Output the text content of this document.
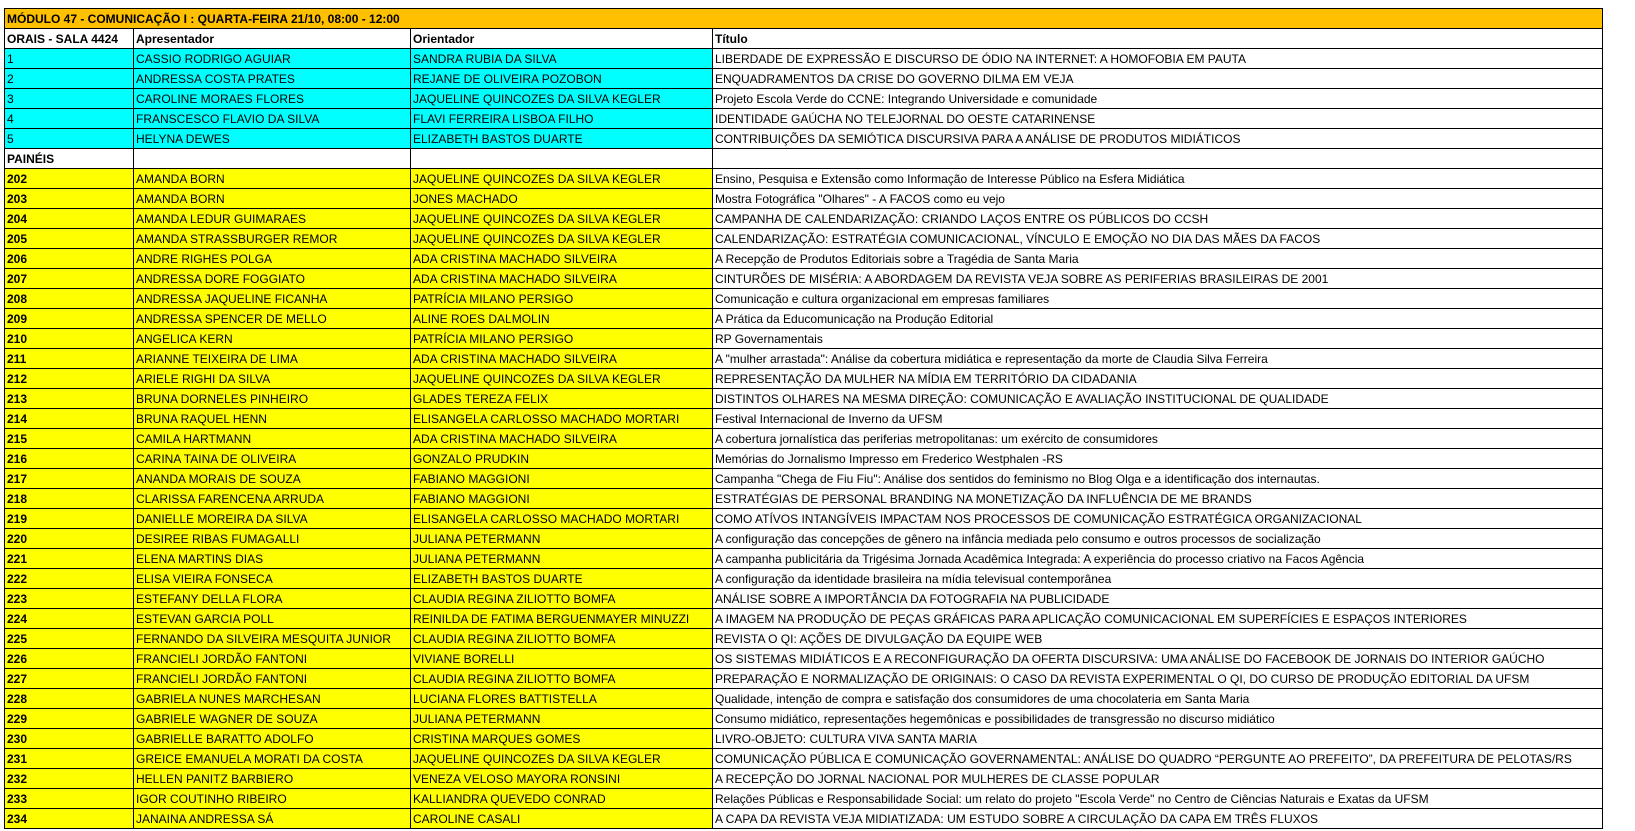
MÓDULO 47 - COMUNICAÇÃO I : QUARTA-FEIRA 21/10, 08:00 - 12:00			
ORAIS - SALA 4424	Apresentador	Orientador	Título
1	CASSIO RODRIGO AGUIAR	SANDRA RUBIA DA SILVA	LIBERDADE DE EXPRESSÃO E DISCURSO DE ÓDIO NA INTERNET: A HOMOFOBIA EM PAUTA
2	ANDRESSA COSTA PRATES	REJANE DE OLIVEIRA POZOBON	ENQUADRAMENTOS DA CRISE DO GOVERNO DILMA EM VEJA
3	CAROLINE MORAES FLORES	JAQUELINE QUINCOZES DA SILVA KEGLER	Projeto Escola Verde do CCNE: Integrando Universidade e comunidade
4	FRANSCESCO FLAVIO DA SILVA	FLAVI FERREIRA LISBOA FILHO	IDENTIDADE GAÚCHA NO TELEJORNAL DO OESTE CATARINENSE
5	HELYNA DEWES	ELIZABETH BASTOS DUARTE	CONTRIBUIÇÕES DA SEMIÓTICA DISCURSIVA PARA A ANÁLISE DE PRODUTOS MIDIÁTICOS
PAINÉIS			
202	AMANDA BORN	JAQUELINE QUINCOZES DA SILVA KEGLER	Ensino, Pesquisa e Extensão como Informação de Interesse Público na Esfera Midiática
203	AMANDA BORN	JONES MACHADO	Mostra Fotográfica "Olhares" - A FACOS como eu vejo
204	AMANDA LEDUR GUIMARAES	JAQUELINE QUINCOZES DA SILVA KEGLER	CAMPANHA DE CALENDARIZAÇÃO: CRIANDO LAÇOS ENTRE OS PÚBLICOS DO CCSH
205	AMANDA STRASSBURGER REMOR	JAQUELINE QUINCOZES DA SILVA KEGLER	CALENDARIZAÇÃO: ESTRATÉGIA COMUNICACIONAL, VÍNCULO E EMOÇÃO NO DIA DAS MÃES DA FACOS
206	ANDRE RIGHES POLGA	ADA CRISTINA MACHADO SILVEIRA	A Recepção de Produtos Editoriais sobre a Tragédia de Santa Maria
207	ANDRESSA DORE FOGGIATO	ADA CRISTINA MACHADO SILVEIRA	CINTURÕES DE MISÉRIA: A ABORDAGEM DA REVISTA VEJA SOBRE AS PERIFERIAS BRASILEIRAS DE 2001
208	ANDRESSA JAQUELINE FICANHA	PATRÍCIA MILANO PERSIGO	Comunicação e cultura organizacional em empresas familiares
209	ANDRESSA SPENCER DE MELLO	ALINE ROES DALMOLIN	A Prática da Educomunicação na Produção Editorial
210	ANGELICA KERN	PATRÍCIA MILANO PERSIGO	RP Governamentais
211	ARIANNE TEIXEIRA DE LIMA	ADA CRISTINA MACHADO SILVEIRA	A "mulher arrastada": Análise da cobertura midiática e representação da morte de Claudia Silva Ferreira
212	ARIELE RIGHI DA SILVA	JAQUELINE QUINCOZES DA SILVA KEGLER	REPRESENTAÇÃO DA MULHER NA MÍDIA EM TERRITÓRIO DA CIDADANIA
213	BRUNA DORNELES PINHEIRO	GLADES TEREZA FELIX	DISTINTOS OLHARES NA MESMA DIREÇÃO: COMUNICAÇÃO E AVALIAÇÃO INSTITUCIONAL DE QUALIDADE
214	BRUNA RAQUEL HENN	ELISANGELA CARLOSSO MACHADO MORTARI	Festival Internacional de Inverno da UFSM
215	CAMILA HARTMANN	ADA CRISTINA MACHADO SILVEIRA	A cobertura jornalística das periferias metropolitanas: um exército de consumidores
216	CARINA TAINA DE OLIVEIRA	GONZALO PRUDKIN	Memórias do Jornalismo Impresso em Frederico Westphalen -RS
217	ANANDA MORAIS DE SOUZA	FABIANO MAGGIONI	Campanha "Chega de Fiu Fiu": Análise dos sentidos do feminismo no Blog Olga e a identificação dos internautas.
218	CLARISSA FARENCENA ARRUDA	FABIANO MAGGIONI	ESTRATÉGIAS DE PERSONAL BRANDING NA MONETIZAÇÃO DA INFLUÊNCIA DE ME BRANDS
219	DANIELLE MOREIRA DA SILVA	ELISANGELA CARLOSSO MACHADO MORTARI	COMO ATÍVOS INTANGÍVEIS IMPACTAM NOS PROCESSOS DE COMUNICAÇÃO ESTRATÉGICA ORGANIZACIONAL
220	DESIREE RIBAS FUMAGALLI	JULIANA PETERMANN	A configuração das concepções de gênero na infância mediada pelo consumo e outros processos de socialização
221	ELENA MARTINS DIAS	JULIANA PETERMANN	A campanha publicitária da Trigésima Jornada Acadêmica Integrada: A experiência do processo criativo na Facos Agência
222	ELISA VIEIRA FONSECA	ELIZABETH BASTOS DUARTE	A configuração da identidade brasileira na mídia televisual contemporânea
223	ESTEFANY DELLA FLORA	CLAUDIA REGINA ZILIOTTO BOMFA	ANÁLISE SOBRE A IMPORTÂNCIA DA FOTOGRAFIA NA PUBLICIDADE
224	ESTEVAN GARCIA POLL	REINILDA DE FATIMA BERGUENMAYER MINUZZI	A IMAGEM NA PRODUÇÃO DE PEÇAS GRÁFICAS PARA APLICAÇÃO COMUNICACIONAL EM SUPERFÍCIES E ESPAÇOS INTERIORES
225	FERNANDO DA SILVEIRA MESQUITA JUNIOR	CLAUDIA REGINA ZILIOTTO BOMFA	REVISTA O QI: AÇÕES DE DIVULGAÇÃO DA EQUIPE WEB
226	FRANCIELI JORDÃO FANTONI	VIVIANE BORELLI	OS SISTEMAS MIDIÁTICOS E A RECONFIGURAÇÃO DA OFERTA DISCURSIVA: UMA ANÁLISE DO FACEBOOK DE JORNAIS DO INTERIOR GAÚCHO
227	FRANCIELI JORDÃO FANTONI	CLAUDIA REGINA ZILIOTTO BOMFA	PREPARAÇÃO E NORMALIZAÇÃO DE ORIGINAIS: O CASO DA REVISTA EXPERIMENTAL O QI, DO CURSO DE PRODUÇÃO EDITORIAL DA UFSM
228	GABRIELA NUNES MARCHESAN	LUCIANA FLORES BATTISTELLA	Qualidade, intenção de compra e satisfação dos consumidores de uma chocolateria em Santa Maria
229	GABRIELE WAGNER DE SOUZA	JULIANA PETERMANN	Consumo midiático, representações hegemônicas e possibilidades de transgressão no discurso midiático
230	GABRIELLE BARATTO ADOLFO	CRISTINA MARQUES GOMES	LIVRO-OBJETO: CULTURA VIVA SANTA MARIA
231	GREICE EMANUELA MORATI DA COSTA	JAQUELINE QUINCOZES DA SILVA KEGLER	COMUNICAÇÃO PÚBLICA E COMUNICAÇÃO GOVERNAMENTAL: ANÁLISE DO QUADRO “PERGUNTE AO PREFEITO”, DA PREFEITURA DE PELOTAS/RS
232	HELLEN PANITZ BARBIERO	VENEZA VELOSO MAYORA RONSINI	A RECEPÇÃO DO JORNAL NACIONAL POR MULHERES DE CLASSE POPULAR
233	IGOR COUTINHO RIBEIRO	KALLIANDRA QUEVEDO CONRAD	Relações Públicas e Responsabilidade Social: um relato do projeto "Escola Verde" no Centro de Ciências Naturais e Exatas da UFSM
234	JANAINA ANDRESSA SÁ	CAROLINE CASALI	A CAPA DA REVISTA VEJA MIDIATIZADA: UM ESTUDO SOBRE A CIRCULAÇÃO DA CAPA EM TRÊS FLUXOS
